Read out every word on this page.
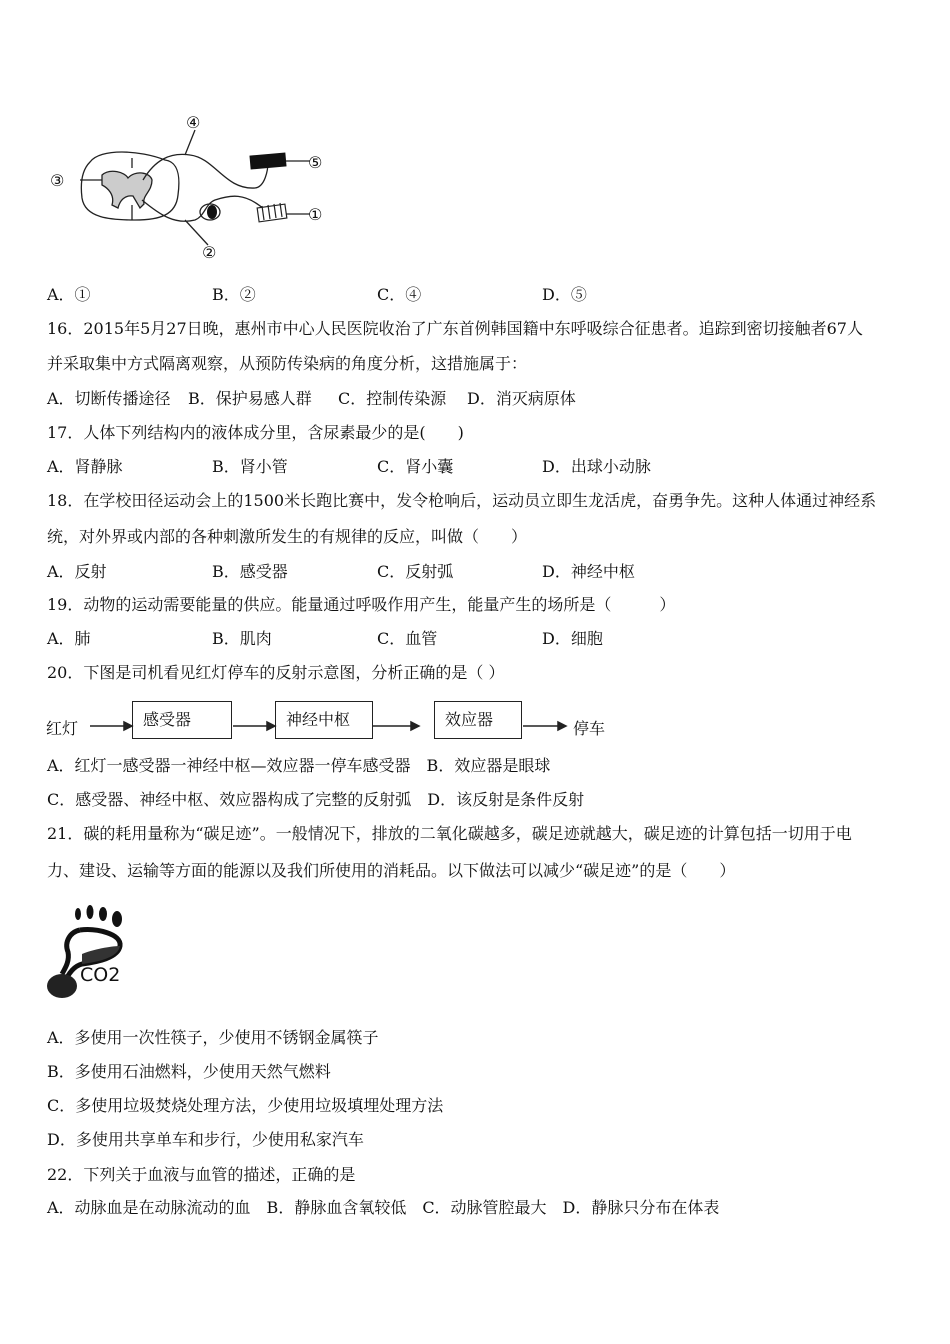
③
④
⑤
①
②
A．①	B．②	C．④	D．⑤
16．2015年5月27日晚，惠州市中心人民医院收治了广东首例韩国籍中东呼吸综合征患者。追踪到密切接触者67人
并采取集中方式隔离观察，从预防传染病的角度分析，这措施属于：
A．切断传播途径 B．保护易感人群 C．控制传染源 D．消灭病原体
17．人体下列结构内的液体成分里，含尿素最少的是(　　)
A．肾静脉	B．肾小管	C．肾小囊	D．出球小动脉
18．在学校田径运动会上的1500米长跑比赛中，发令枪响后，运动员立即生龙活虎，奋勇争先。这种人体通过神经系
统，对外界或内部的各种刺激所发生的有规律的反应，叫做（　　）
A．反射	B．感受器	C．反射弧	D．神经中枢
19．动物的运动需要能量的供应。能量通过呼吸作用产生，能量产生的场所是（　　　）
A．肺	B．肌肉	C．血管	D．细胞
20．下图是司机看见红灯停车的反射示意图，分析正确的是（ ）
红灯	感受器	神经中枢	效应器	停车
A．红灯一感受器一神经中枢—效应器一停车感受器　B．效应器是眼球
C．感受器、神经中枢、效应器构成了完整的反射弧　D．该反射是条件反射
21．碳的耗用量称为“碳足迹”。一般情况下，排放的二氧化碳越多，碳足迹就越大，碳足迹的计算包括一切用于电
力、建设、运输等方面的能源以及我们所使用的消耗品。以下做法可以减少“碳足迹”的是（　　）
CO2
A．多使用一次性筷子，少使用不锈钢金属筷子
B．多使用石油燃料，少使用天然气燃料
C．多使用垃圾焚烧处理方法，少使用垃圾填埋处理方法
D．多使用共享单车和步行，少使用私家汽车
22．下列关于血液与血管的描述，正确的是
A．动脉血是在动脉流动的血　B．静脉血含氧较低　C．动脉管腔最大　D．静脉只分布在体表
